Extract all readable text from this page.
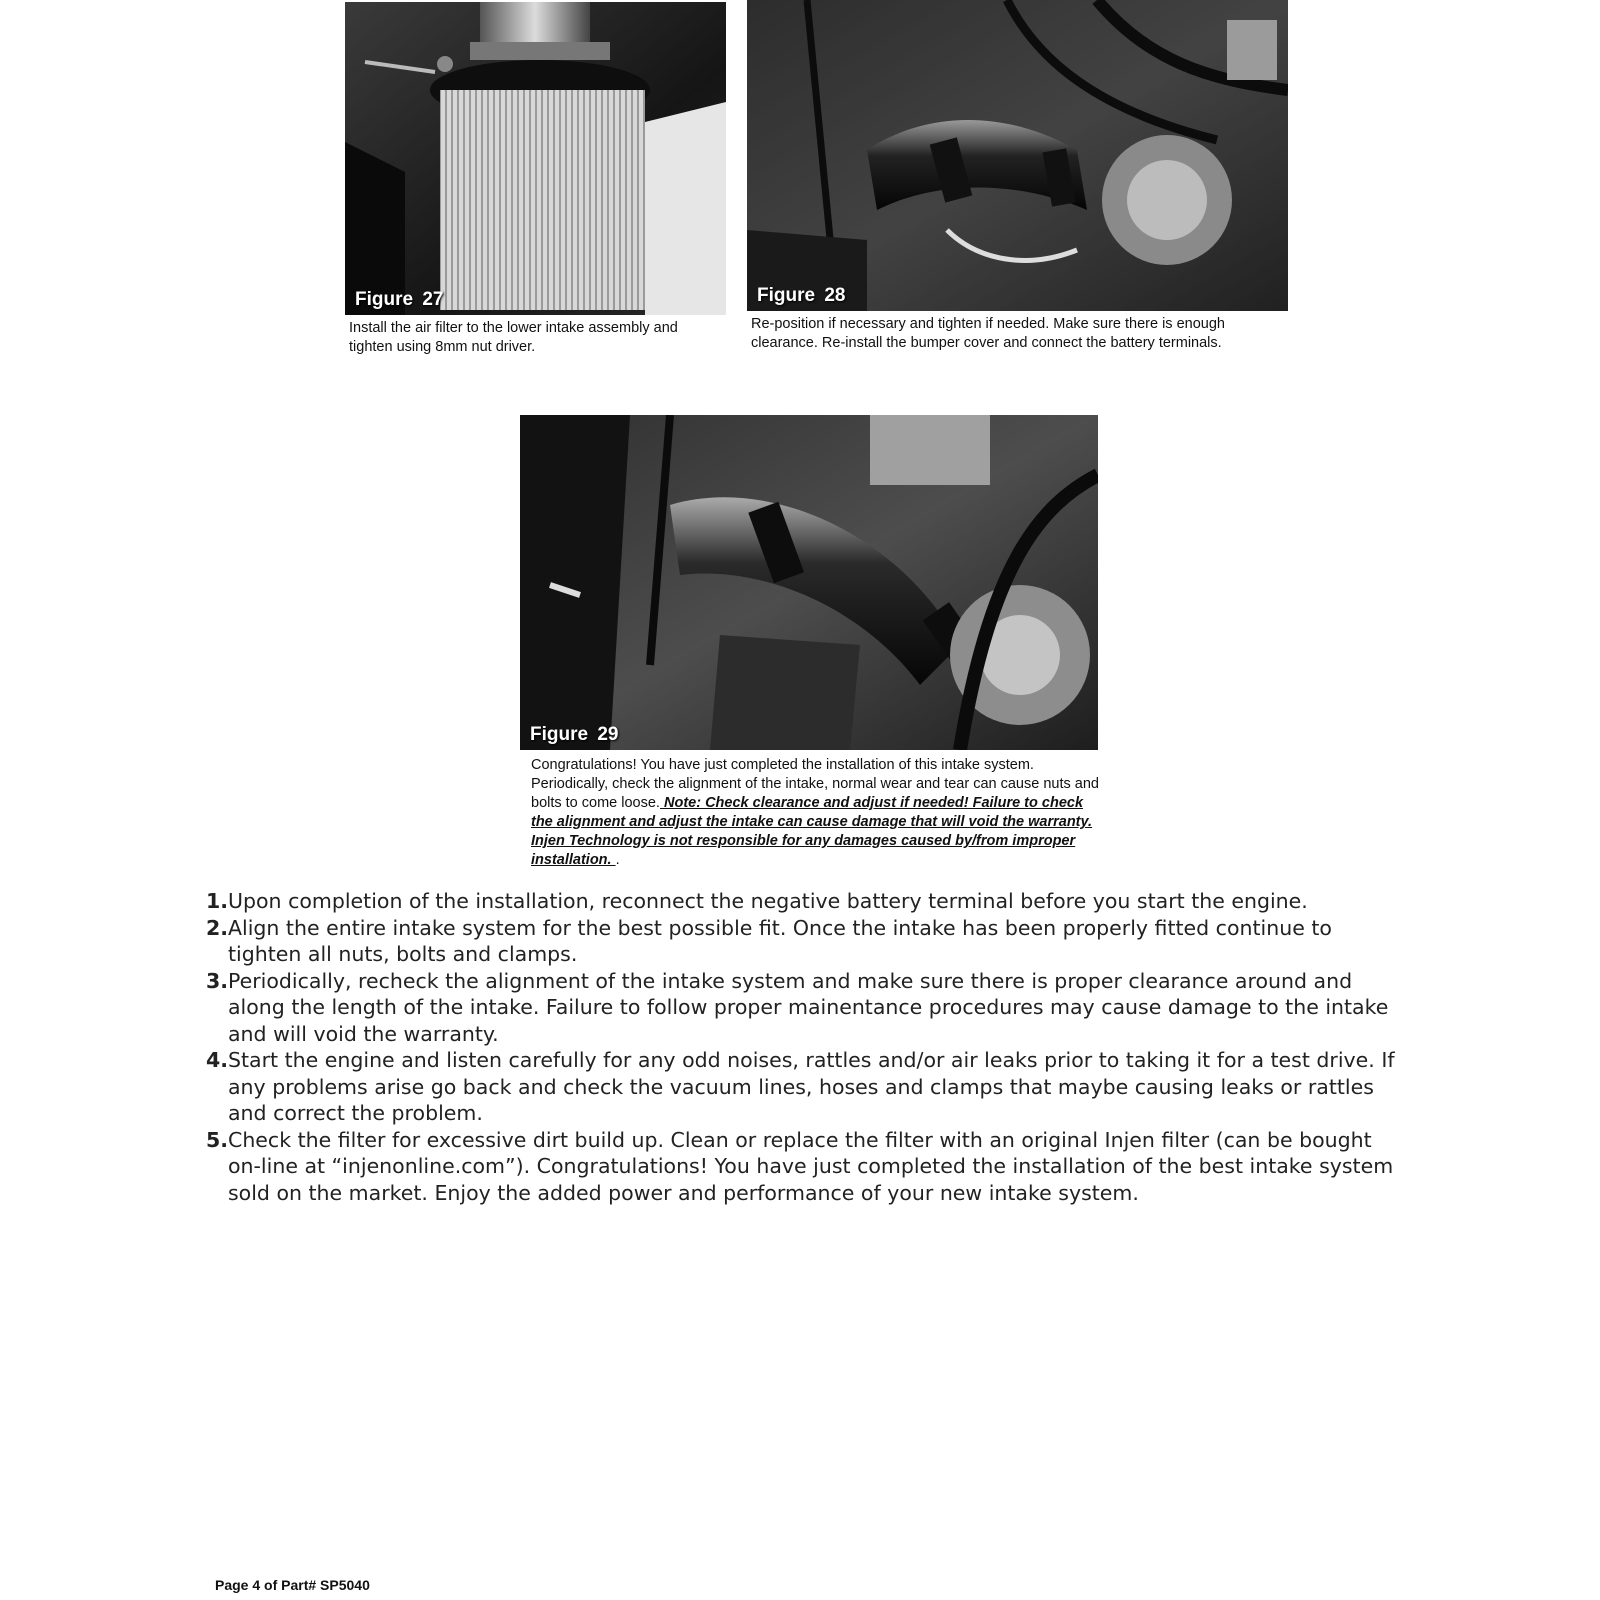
Figure 27
Install the air filter to the lower intake assembly and tighten using 8mm nut driver.
Figure 28
Re-position if necessary and tighten if needed. Make sure there is enough clearance. Re-install the bumper cover and connect the battery terminals.
Figure 29
Congratulations! You have just completed the installation of this intake system. Periodically, check the alignment of the intake, normal wear and tear can cause nuts and bolts to come loose. Note: Check clearance and adjust if needed! Failure to check the alignment and adjust the intake can cause damage that will void the warranty. Injen Technology is not responsible for any damages caused by/from improper installation. .
1. Upon completion of the installation, reconnect the negative battery terminal before you start the engine.
2. Align the entire intake system for the best possible fit. Once the intake has been properly fitted continue to tighten all nuts, bolts and clamps.
3. Periodically, recheck the alignment of the intake system and make sure there is proper clearance around and along the length of the intake. Failure to follow proper mainentance procedures may cause damage to the intake and will void the warranty.
4. Start the engine and listen carefully for any odd noises, rattles and/or air leaks prior to taking it for a test drive. If any problems arise go back and check the vacuum lines, hoses and clamps that maybe causing leaks or rattles and correct the problem.
5. Check the filter for excessive dirt build up. Clean or replace the filter with an original Injen filter (can be bought on-line at “injenonline.com”). Congratulations! You have just completed the installation of the best intake system sold on the market. Enjoy the added power and performance of your new intake system.
Page 4 of Part# SP5040
